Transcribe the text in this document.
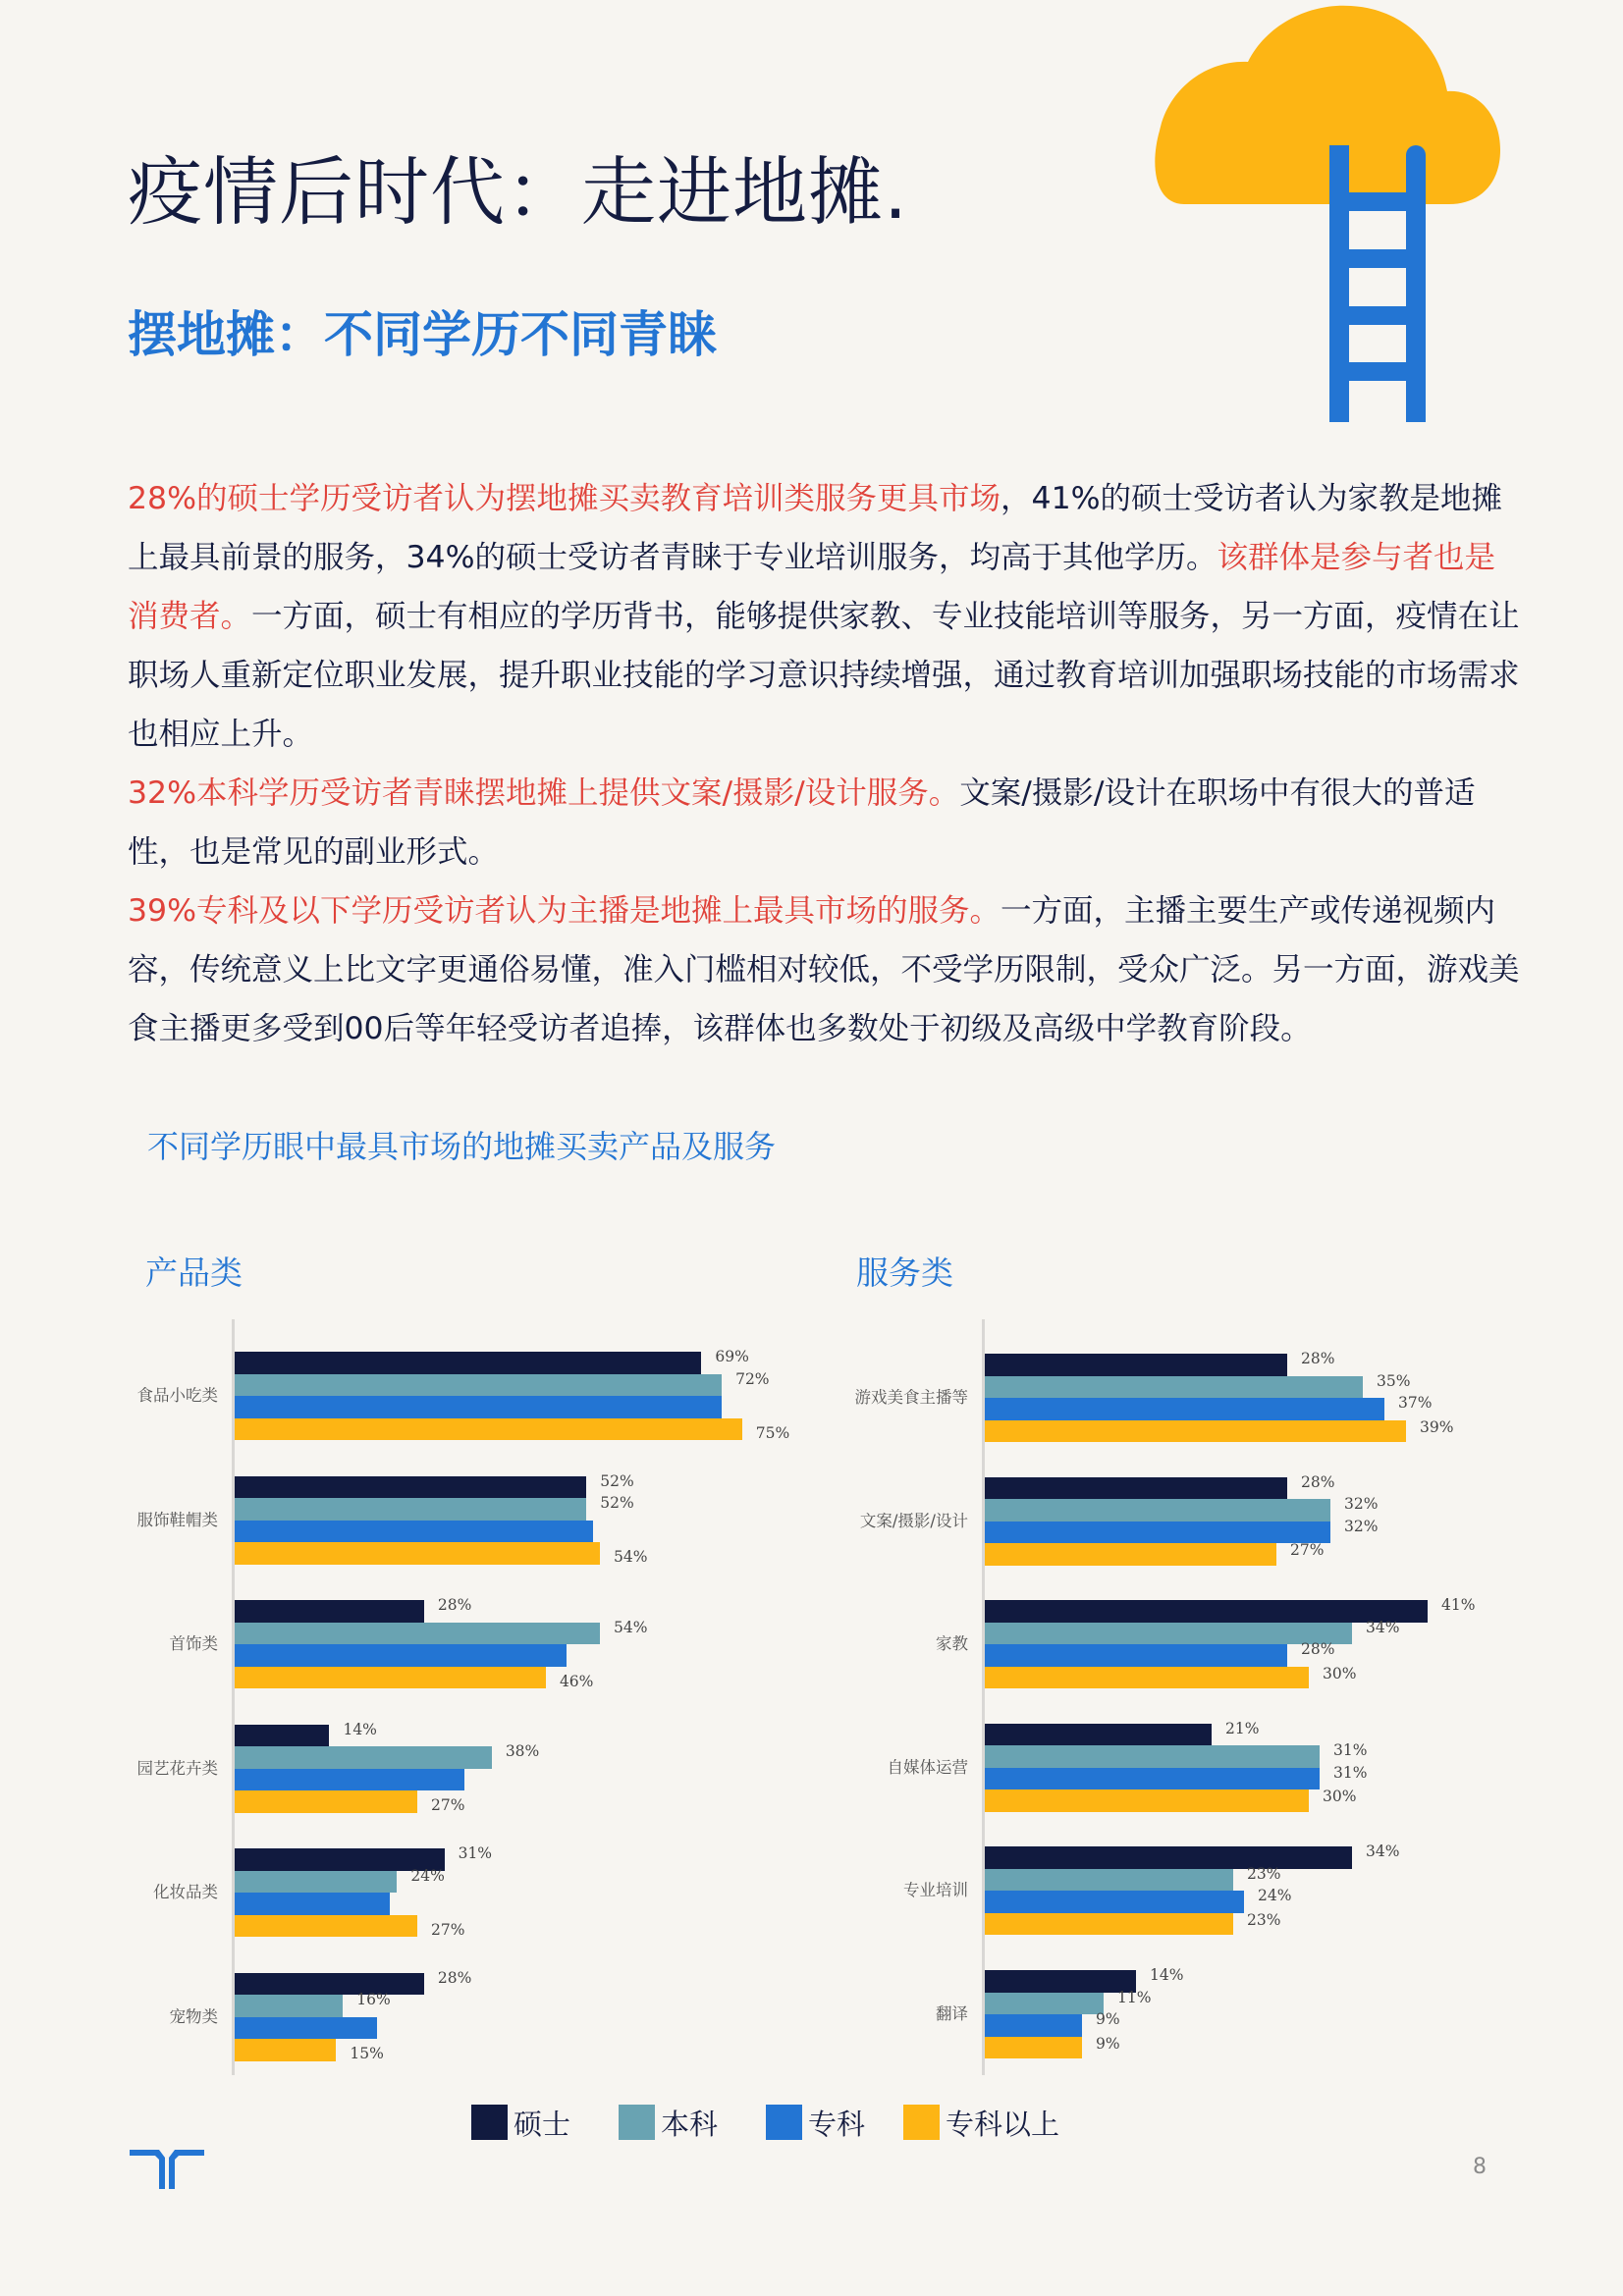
疫情后时代：走进地摊.
摆地摊：不同学历不同青睐

28%的硕士学历受访者认为摆地摊买卖教育培训类服务更具市场，41%的硕士受访者认为家教是地摊上最具前景的服务，34%的硕士受访者青睐于专业培训服务，均高于其他学历。该群体是参与者也是消费者。一方面，硕士有相应的学历背书，能够提供家教、专业技能培训等服务，另一方面，疫情在让职场人重新定位职业发展，提升职业技能的学习意识持续增强，通过教育培训加强职场技能的市场需求也相应上升。

32%本科学历受访者青睐摆地摊上提供文案/摄影/设计服务。文案/摄影/设计在职场中有很大的普适性，也是常见的副业形式。

39%专科及以下学历受访者认为主播是地摊上最具市场的服务。一方面，主播主要生产或传递视频内容，传统意义上比文字更通俗易懂，准入门槛相对较低，不受学历限制，受众广泛。另一方面，游戏美食主播更多受到00后等年轻受访者追捧，该群体也多数处于初级及高级中学教育阶段。

不同学历眼中最具市场的地摊买卖产品及服务
产品类	服务类
食品小吃类
69%
72%
75%
服饰鞋帽类
52%
52%
54%
首饰类
28%
54%
46%
园艺花卉类
14%
38%
27%
化妆品类
31%
24%
27%
宠物类
28%
16%
15%
游戏美食主播等
28%
35%
37%
39%
文案/摄影/设计
28%
32%
32%
27%
家教
41%
34%
28%
30%
自媒体运营
21%
31%
31%
30%
专业培训
34%
23%
24%
23%
翻译
14%
11%
9%
9%
硕士	本科	专科	专科以上
8
